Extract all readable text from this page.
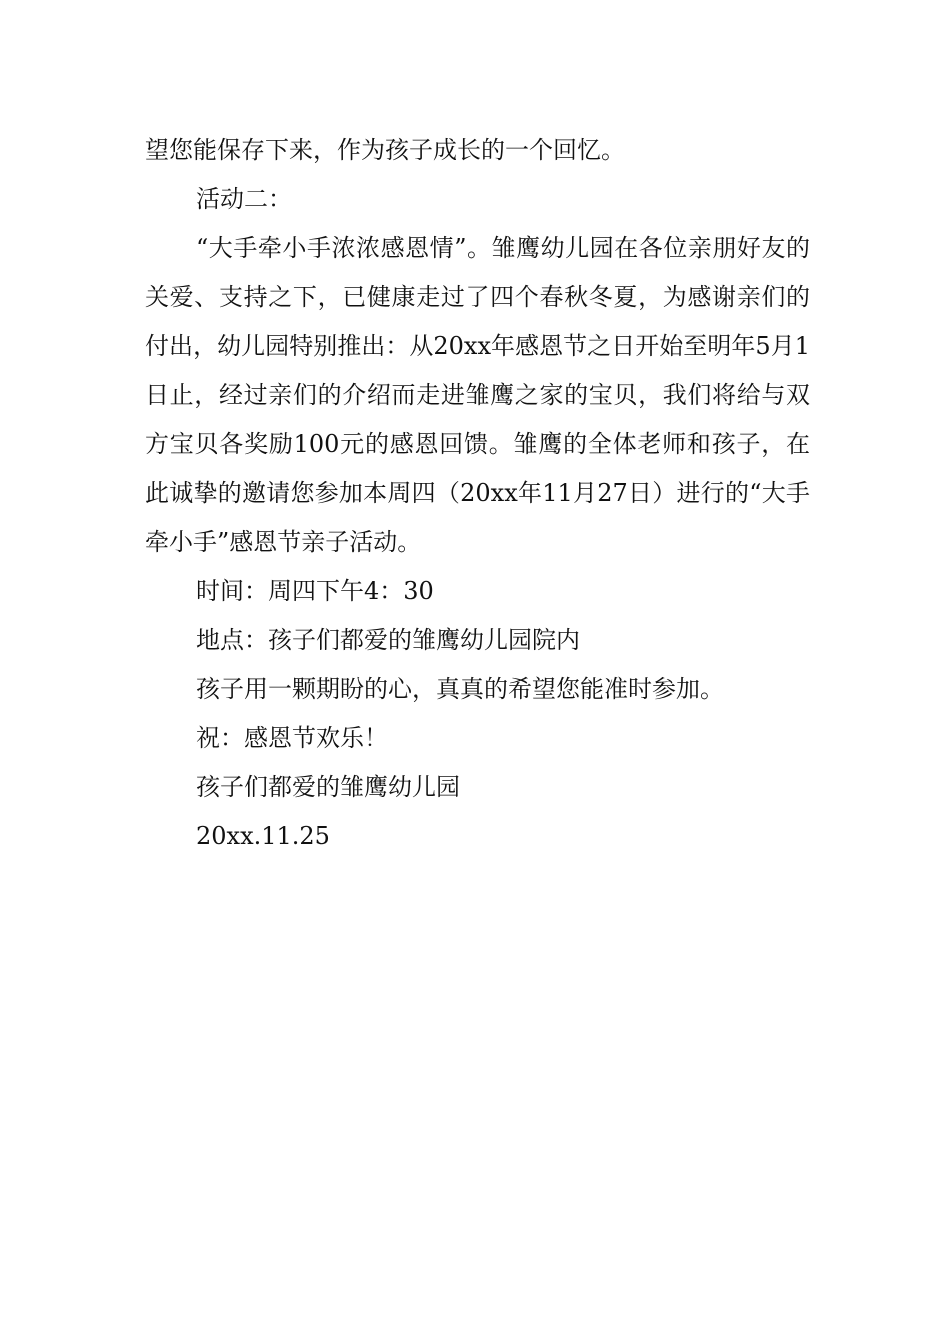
望您能保存下来，作为孩子成长的一个回忆。

活动二：

“大手牵小手浓浓感恩情”。雏鹰幼儿园在各位亲朋好友的关爱、支持之下，已健康走过了四个春秋冬夏，为感谢亲们的付出，幼儿园特别推出：从20xx年感恩节之日开始至明年5月1日止，经过亲们的介绍而走进雏鹰之家的宝贝，我们将给与双方宝贝各奖励100元的感恩回馈。雏鹰的全体老师和孩子，在此诚挚的邀请您参加本周四（20xx年11月27日）进行的“大手牵小手”感恩节亲子活动。

时间：周四下午4：30

地点：孩子们都爱的雏鹰幼儿园院内

孩子用一颗期盼的心，真真的希望您能准时参加。

祝：感恩节欢乐！

孩子们都爱的雏鹰幼儿园

20xx.11.25
